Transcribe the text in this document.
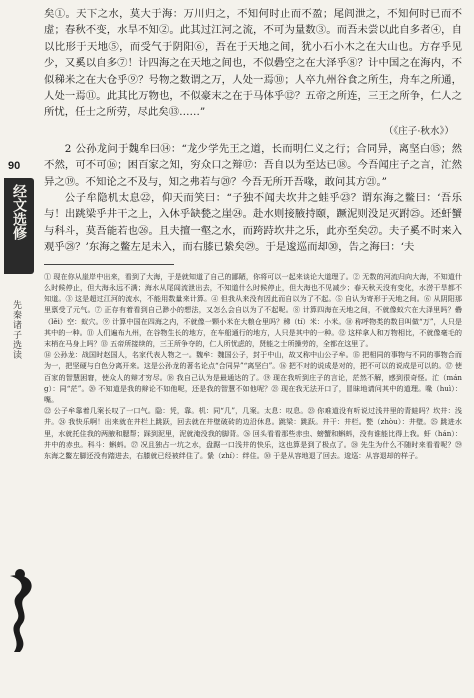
90
经文选修
先秦诸子选读

矣①。天下之水，莫大于海：万川归之，不知何时止而不盈；尾闾泄之，不知何时已而不虚；春秋不变，水旱不知②。此其过江河之流，不可为量数③。而吾未尝以此自多者④，自以比形于天地⑤，而受气于阴阳⑥，吾在于天地之间，犹小石小木之在大山也。方存乎见少，又奚以自多⑦！计四海之在天地之间也，不似礨空之在大泽乎⑧？计中国之在海内，不似稊米之在大仓乎⑨？号物之数谓之万，人处一焉⑩；人卒九州谷食之所生，舟车之所通，人处一焉⑪。此其比万物也，不似豪末之在于马体乎⑫？五帝之所连，三王之所争，仁人之所忧，任士之所劳，尽此矣⑬……”

（《庄子·秋水》）

2 公孙龙问于魏牟曰⑭：“龙少学先王之道，长而明仁义之行；合同异，离坚白⑮；然不然，可不可⑯；困百家之知，穷众口之辩⑰：吾自以为至达已⑱。今吾闻庄子之言，汒然异之⑲。不知论之不及与，知之弗若与⑳？今吾无所开吾喙，敢问其方㉑。”

公子牟隐机太息㉒，仰天而笑曰：“子独不闻夫坎井之蛙乎㉓？谓东海之鳖曰：‘吾乐与！出跳梁乎井干之上，入休乎缺甃之崖㉔。赴水则接腋持颐，蹶泥则没足灭跗㉕。还虷蟹与科斗，莫吾能若也㉖。且夫擅一壑之水，而跨跱坎井之乐，此亦至矣㉗。夫子奚不时来入观乎㉘？’东海之鳖左足未入，而右膝已絷矣㉙。于是逡巡而却㉚，告之海曰：‘夫

① 现在你从崖岸中出来，看到了大海，于是就知道了自己的鄙陋，你将可以一起来谈论大道理了。② 无数的河流归向大海，不知道什么时候停止，但大海永远不满；海水从尾闾流泄出去，不知道什么时候停止，但大海也不见减少；春天秋天没有变化，水涝干旱都不知道。③ 这是超过江河的流水，不能用数量来计算。④ 但我从来没有因此而自以为了不起。⑤ 自认为寄形于天地之间。⑥ 从阴阳那里禀受了元气。⑦ 正存有着看到自己渺小的想法，又怎么会自以为了不起呢。⑧ 计算四海在天地之间，不就像蚁穴在大泽里吗？礨（lěi）空：蚁穴。⑨ 计算中国在四海之内，不就像一颗小米在大粮仓里吗？稊（tí）米：小米。⑩ 称呼物类的数目叫做“万”，人只是其中的一种。⑪ 人们遍布九州，在谷物生长的地方，在车船通行的地方，人只是其中的一种。⑫ 这样拿人和万物相比，不就像毫毛的末梢在马身上吗？⑬ 五帝所接续的，三王所争夺的，仁人所忧虑的，贤能之士所操劳的，全都在这里了。

⑭ 公孙龙：战国时赵国人，名家代表人物之一。魏牟：魏国公子，封于中山，故又称中山公子牟。⑮ 把相同的事物与不同的事物合而为一，把坚硬与白色分离开来。这是公孙龙的著名论点“合同异”“离坚白”。⑯ 把不对的说成是对的，把不可以的说成是可以的。⑰ 使百家的智慧困窘，使众人的辩才穷尽。⑱ 我自己认为是最通达的了。⑲ 现在我听到庄子的言论，茫然不解，感到很奇怪。汒（máng）：同“茫”。⑳ 不知道是我的辩论不如他呢，还是我的智慧不如他呢？㉑ 现在我无法开口了，冒昧地请问其中的道理。喙（huì）：嘴。

㉒ 公子牟靠着几案长叹了一口气。隐：凭，靠。机：同“几”，几案。太息：叹息。㉓ 你难道没有听说过浅井里的青蛙吗？坎井：浅井。㉔ 我快乐啊！出来就在井栏上跳跃，回去就在井壁破砖的边沿休息。跳梁：跳跃。井干：井栏。甃（zhòu）：井壁。㉕ 跳进水里，水就托住我的两腋和腮帮；踩到泥里，泥就淹没我的脚背。㉖ 回头看看那些赤虫、螃蟹和蝌蚪，没有谁能比得上我。虷（hán）：井中的赤虫。科斗：蝌蚪。㉗ 况且独占一坑之水，盘踞一口浅井的快乐，这也算是到了极点了。㉘ 先生为什么不随时来看看呢？㉙ 东海之鳖左脚还没有踏进去，右膝就已经被绊住了。絷（zhí）：绊住。㉚ 于是从容地退了回去。逡巡：从容退却的样子。
